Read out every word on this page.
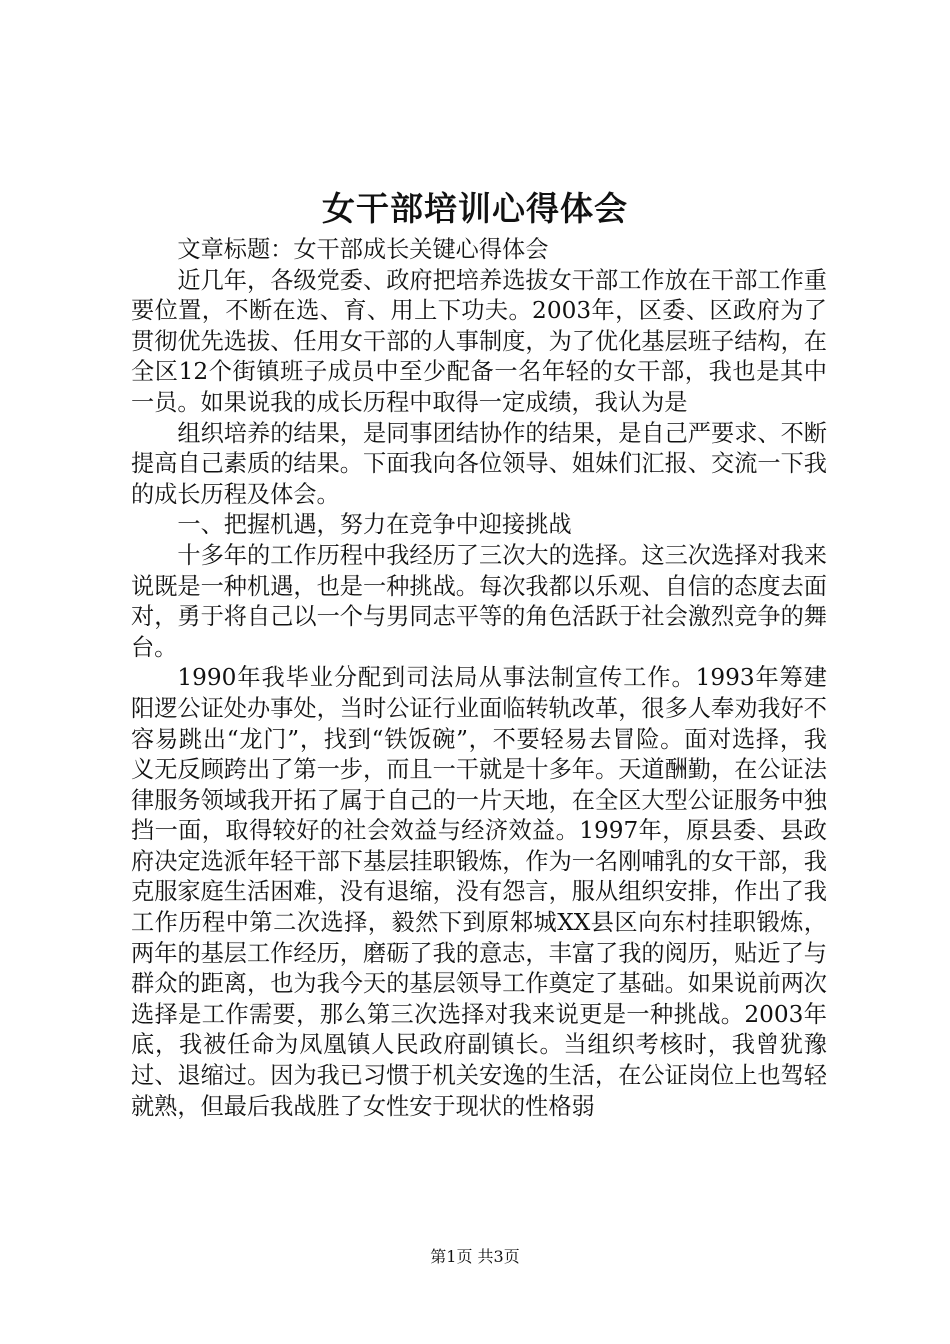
女干部培训心得体会

文章标题：女干部成长关键心得体会

近几年，各级党委、政府把培养选拔女干部工作放在干部工作重要位置，不断在选、育、用上下功夫。2003年，区委、区政府为了贯彻优先选拔、任用女干部的人事制度，为了优化基层班子结构，在全区12个街镇班子成员中至少配备一名年轻的女干部，我也是其中一员。如果说我的成长历程中取得一定成绩，我认为是

组织培养的结果，是同事团结协作的结果，是自己严要求、不断提高自己素质的结果。下面我向各位领导、姐妹们汇报、交流一下我的成长历程及体会。

一、把握机遇，努力在竞争中迎接挑战

十多年的工作历程中我经历了三次大的选择。这三次选择对我来说既是一种机遇，也是一种挑战。每次我都以乐观、自信的态度去面对，勇于将自己以一个与男同志平等的角色活跃于社会激烈竞争的舞台。

1990年我毕业分配到司法局从事法制宣传工作。1993年筹建阳逻公证处办事处，当时公证行业面临转轨改革，很多人奉劝我好不容易跳出“龙门”，找到“铁饭碗”，不要轻易去冒险。面对选择，我义无反顾跨出了第一步，而且一干就是十多年。天道酬勤，在公证法律服务领域我开拓了属于自己的一片天地，在全区大型公证服务中独挡一面，取得较好的社会效益与经济效益。1997年，原县委、县政府决定选派年轻干部下基层挂职锻炼，作为一名刚哺乳的女干部，我克服家庭生活困难，没有退缩，没有怨言，服从组织安排，作出了我工作历程中第二次选择，毅然下到原邾城XX县区向东村挂职锻炼，两年的基层工作经历，磨砺了我的意志，丰富了我的阅历，贴近了与群众的距离，也为我今天的基层领导工作奠定了基础。如果说前两次选择是工作需要，那么第三次选择对我来说更是一种挑战。2003年底，我被任命为凤凰镇人民政府副镇长。当组织考核时，我曾犹豫过、退缩过。因为我已习惯于机关安逸的生活，在公证岗位上也驾轻就熟，但最后我战胜了女性安于现状的性格弱

第1页 共3页
